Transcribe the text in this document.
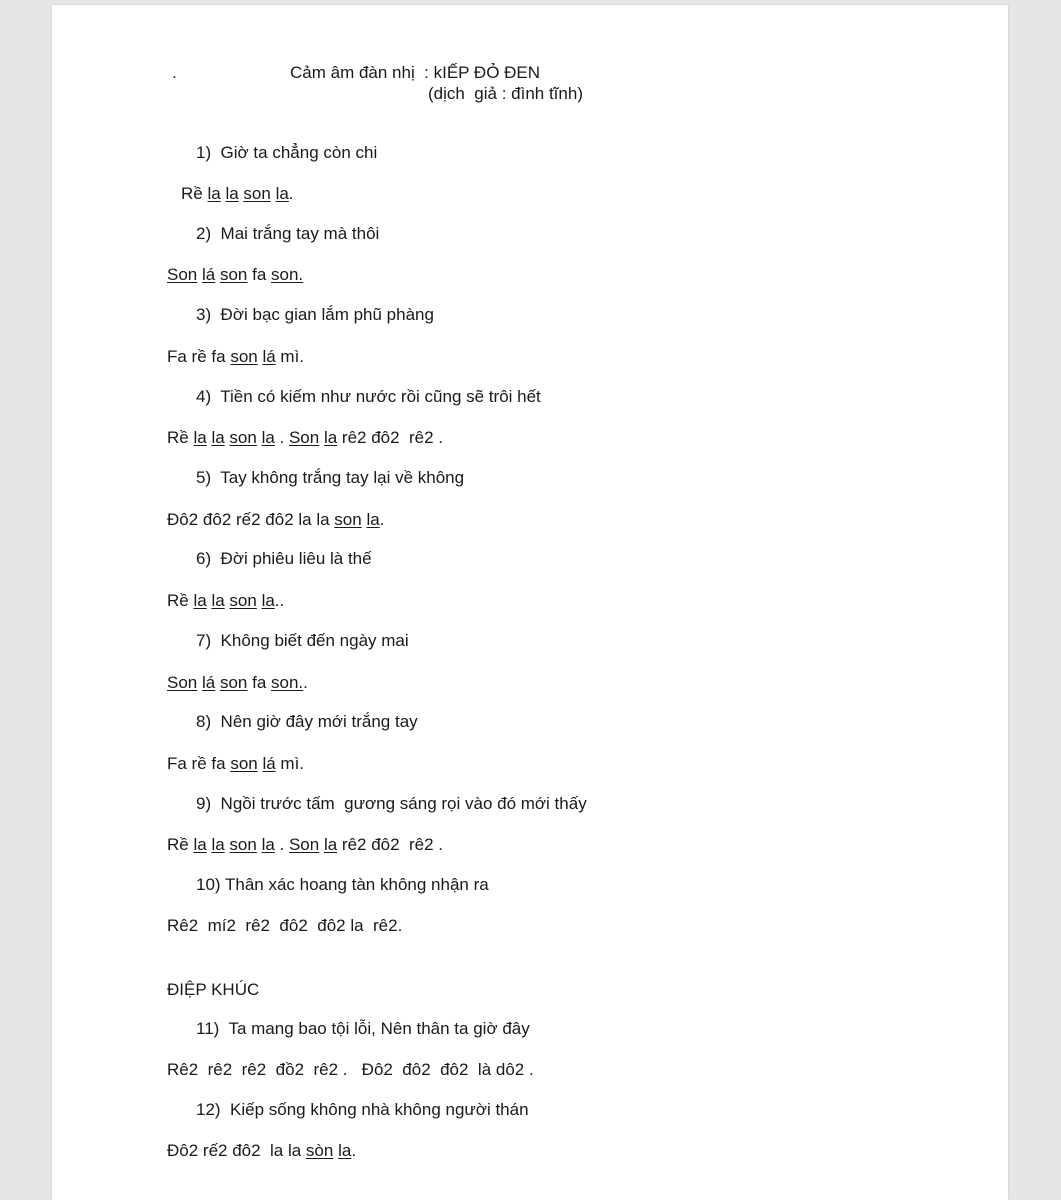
.	Cảm âm đàn nhị  : kIẾP ĐỎ ĐEN
(dịch  giả : đình tĩnh)
1)  Giờ ta chẳng còn chi
Rề la la son la.
2)  Mai trắng tay mà thôi
Son lá son fa son.
3)  Đời bạc gian lắm phũ phàng
Fa rề fa son lá mì.
4)  Tiền có kiếm như nước rồi cũng sẽ trôi hết
Rề la la son la . Son la rê2 đô2  rê2 .
5)  Tay không trắng tay lại về không
Đô2 đô2 rế2 đô2 la la son la.
6)  Đời phiêu liêu là thế
Rề la la son la..
7)  Không biết đến ngày mai
Son lá son fa son..
8)  Nên giờ đây mới trắng tay
Fa rề fa son lá mì.
9)  Ngồi trước tấm  gương sáng rọi vào đó mới thấy
Rề la la son la . Son la rê2 đô2  rê2 .
10) Thân xác hoang tàn không nhận ra
Rê2  mí2  rê2  đô2  đô2 la  rê2.
ĐIỆP KHÚC
11)  Ta mang bao tội lỗi, Nên thân ta giờ đây
Rê2  rê2  rê2  đồ2  rê2 .   Đô2  đô2  đô2  là dô2 .
12)  Kiếp sống không nhà không người thán
Đô2 rế2 đô2  la la sòn la.
